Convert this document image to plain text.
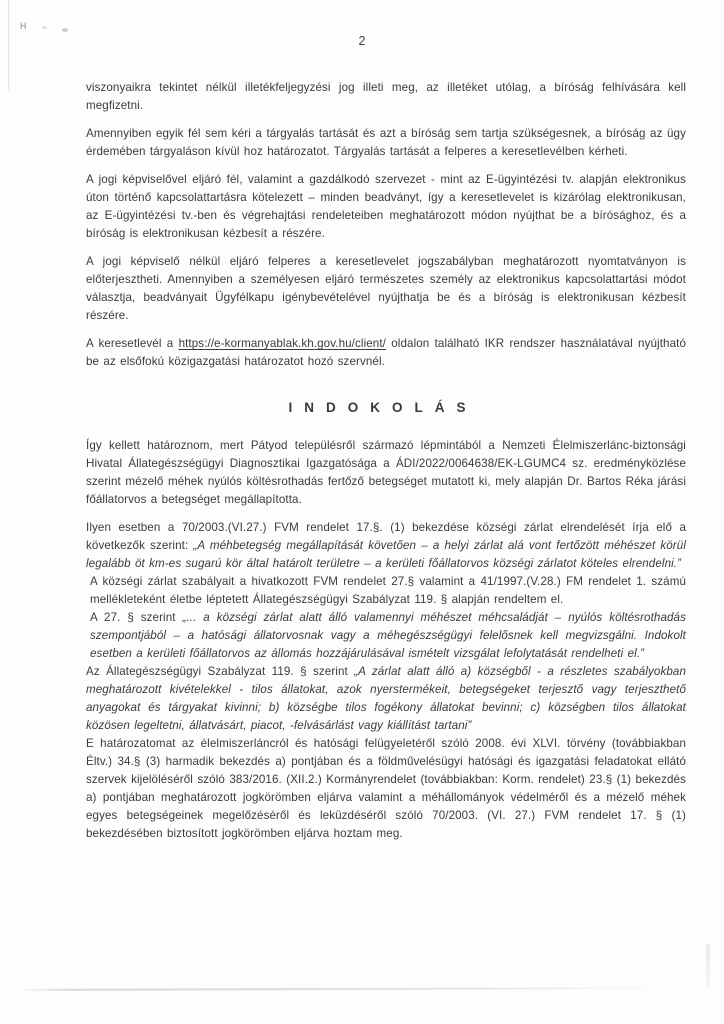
H
2

viszonyaikra tekintet nélkül illetékfeljegyzési jog illeti meg, az illetéket utólag, a bíróság felhívására kell megfizetni.

Amennyiben egyik fél sem kéri a tárgyalás tartását és azt a bíróság sem tartja szükségesnek, a bíróság az ügy érdemében tárgyaláson kívül hoz határozatot. Tárgyalás tartását a felperes a keresetlevélben kérheti.

A jogi képviselővel eljáró fél, valamint a gazdálkodó szervezet - mint az E-ügyintézési tv. alapján elektronikus úton történő kapcsolattartásra kötelezett – minden beadványt, így a keresetlevelet is kizárólag elektronikusan, az E-ügyintézési tv.-ben és végrehajtási rendeleteiben meghatározott módon nyújthat be a bírósághoz, és a bíróság is elektronikusan kézbesít a részére.

A jogi képviselő nélkül eljáró felperes a keresetlevelet jogszabályban meghatározott nyomtatványon is előterjesztheti. Amennyiben a személyesen eljáró természetes személy az elektronikus kapcsolattartási módot választja, beadványait Ügyfélkapu igénybevételével nyújthatja be és a bíróság is elektronikusan kézbesít részére.

A keresetlevél a https://e-kormanyablak.kh.gov.hu/client/ oldalon található IKR rendszer használatával nyújtható be az elsőfokú közigazgatási határozatot hozó szervnél.

INDOKOLÁS

Így kellett határoznom, mert Pátyod településről származó lépmintából a Nemzeti Élelmiszerlánc-biztonsági Hivatal Állategészségügyi Diagnosztikai Igazgatósága a ÁDI/2022/0064638/EK-LGUMC4 sz. eredményközlése szerint mézelő méhek nyúlós költésrothadás fertőző betegséget mutatott ki, mely alapján Dr. Bartos Réka járási főállatorvos a betegséget megállapította.

Ilyen esetben a 70/2003.(VI.27.) FVM rendelet 17.§. (1) bekezdése községi zárlat elrendelését írja elő a következők szerint: „A méhbetegség megállapítását követően – a helyi zárlat alá vont fertőzött méhészet körül legalább öt km-es sugarú kör által határolt területre – a kerületi főállatorvos községi zárlatot köteles elrendelni.”

A községi zárlat szabályait a hivatkozott FVM rendelet 27.§ valamint a 41/1997.(V.28.) FM rendelet 1. számú mellékleteként életbe léptetett Állategészségügyi Szabályzat 119. § alapján rendeltem el.

A 27. § szerint „... a községi zárlat alatt álló valamennyi méhészet méhcsaládját – nyúlós költésrothadás szempontjából – a hatósági állatorvosnak vagy a méhegészségügyi felelősnek kell megvizsgálni. Indokolt esetben a kerületi főállatorvos az állomás hozzájárulásával ismételt vizsgálat lefolytatását rendelheti el.”

Az Állategészségügyi Szabályzat 119. § szerint „A zárlat alatt álló a) községből - a részletes szabályokban meghatározott kivételekkel - tilos állatokat, azok nyerstermékeit, betegségeket terjesztő vagy terjeszthető anyagokat és tárgyakat kivinni; b) községbe tilos fogékony állatokat bevinni; c) községben tilos állatokat közösen legeltetni, állatvásárt, piacot, -felvásárlást vagy kiállítást tartani”

E határozatomat az élelmiszerláncról és hatósági felügyeletéről szóló 2008. évi XLVI. törvény (továbbiakban Éltv.) 34.§ (3) harmadik bekezdés a) pontjában és a földművelésügyi hatósági és igazgatási feladatokat ellátó szervek kijelöléséről szóló 383/2016. (XII.2.) Kormányrendelet (továbbiakban: Korm. rendelet) 23.§ (1) bekezdés a) pontjában meghatározott jogkörömben eljárva valamint a méhállományok védelméről és a mézelő méhek egyes betegségeinek megelőzéséről és leküzdéséről szóló 70/2003. (VI. 27.) FVM rendelet 17. § (1) bekezdésében biztosított jogkörömben eljárva hoztam meg.
